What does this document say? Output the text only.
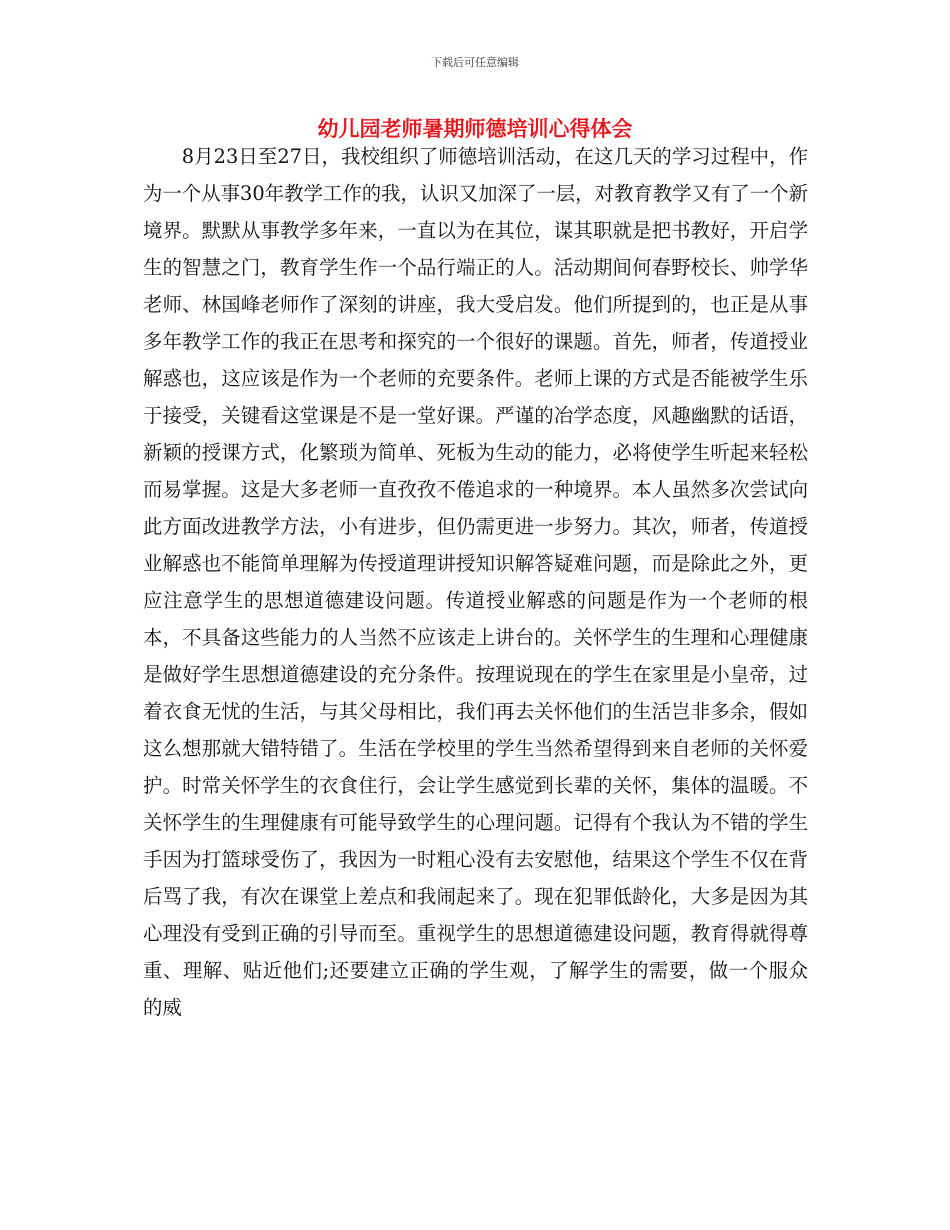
下载后可任意编辑
幼儿园老师暑期师德培训心得体会

8月23日至27日，我校组织了师德培训活动，在这几天的学习过程中，作为一个从事30年教学工作的我，认识又加深了一层，对教育教学又有了一个新境界。默默从事教学多年来，一直以为在其位，谋其职就是把书教好，开启学生的智慧之门，教育学生作一个品行端正的人。活动期间何春野校长、帅学华老师、林国峰老师作了深刻的讲座，我大受启发。他们所提到的，也正是从事多年教学工作的我正在思考和探究的一个很好的课题。首先，师者，传道授业解惑也，这应该是作为一个老师的充要条件。老师上课的方式是否能被学生乐于接受，关键看这堂课是不是一堂好课。严谨的冶学态度，风趣幽默的话语，新颖的授课方式，化繁琐为简单、死板为生动的能力，必将使学生听起来轻松而易掌握。这是大多老师一直孜孜不倦追求的一种境界。本人虽然多次尝试向此方面改进教学方法，小有进步，但仍需更进一步努力。其次，师者，传道授业解惑也不能简单理解为传授道理讲授知识解答疑难问题，而是除此之外，更应注意学生的思想道德建设问题。传道授业解惑的问题是作为一个老师的根本，不具备这些能力的人当然不应该走上讲台的。关怀学生的生理和心理健康是做好学生思想道德建设的充分条件。按理说现在的学生在家里是小皇帝，过着衣食无忧的生活，与其父母相比，我们再去关怀他们的生活岂非多余，假如这么想那就大错特错了。生活在学校里的学生当然希望得到来自老师的关怀爱护。时常关怀学生的衣食住行，会让学生感觉到长辈的关怀，集体的温暖。不关怀学生的生理健康有可能导致学生的心理问题。记得有个我认为不错的学生手因为打篮球受伤了，我因为一时粗心没有去安慰他，结果这个学生不仅在背后骂了我，有次在课堂上差点和我闹起来了。现在犯罪低龄化，大多是因为其心理没有受到正确的引导而至。重视学生的思想道德建设问题，教育得就得尊重、理解、贴近他们;还要建立正确的学生观，了解学生的需要，做一个服众的威
